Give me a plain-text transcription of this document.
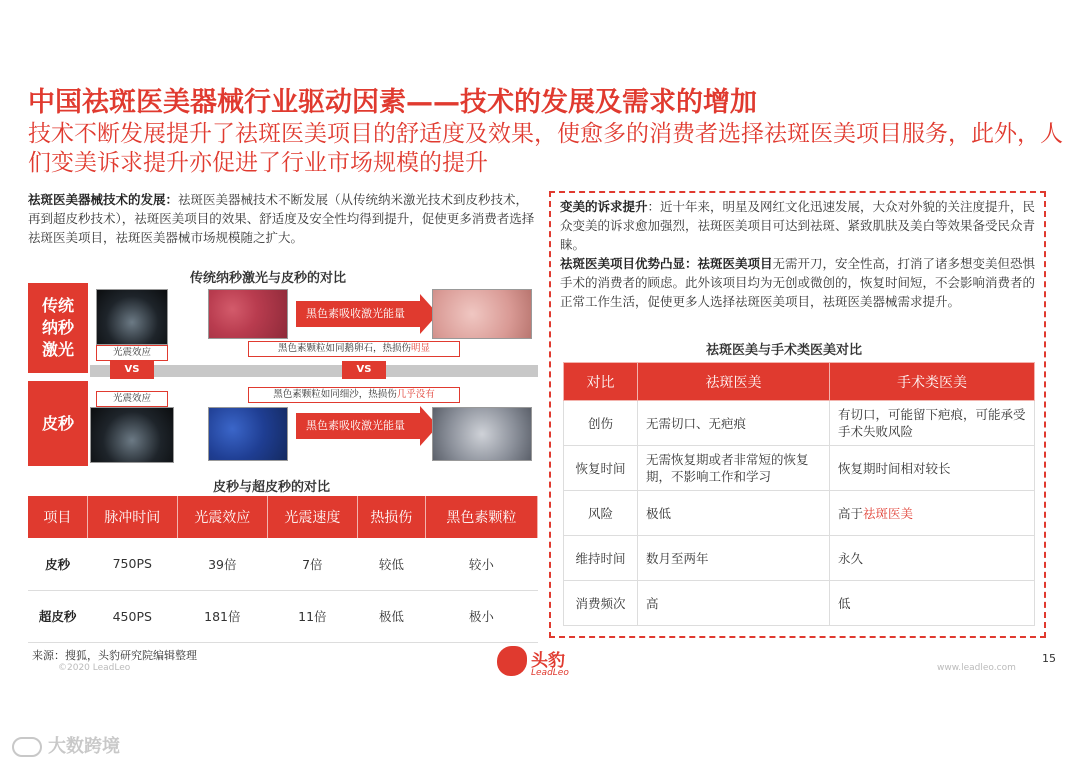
中国祛斑医美器械行业驱动因素——技术的发展及需求的增加
技术不断发展提升了祛斑医美项目的舒适度及效果，使愈多的消费者选择祛斑医美项目服务，此外，人们变美诉求提升亦促进了行业市场规模的提升
祛斑医美器械技术的发展：祛斑医美器械技术不断发展（从传统纳米激光技术到皮秒技术，再到超皮秒技术），祛斑医美项目的效果、舒适度及安全性均得到提升，促使更多消费者选择祛斑医美项目，祛斑医美器械市场规模随之扩大。
传统纳秒激光与皮秒的对比
传统
纳秒
激光
皮秒
光震效应
黑色素吸收激光能量
黑色素颗粒如同鹅卵石，热损伤明显
VS	VS
光震效应	黑色素颗粒如同细沙，热损伤几乎没有
黑色素吸收激光能量
皮秒与超皮秒的对比
项目	脉冲时间	光震效应	光震速度	热损伤	黑色素颗粒
皮秒	750PS	39倍	7倍	较低	较小
超皮秒	450PS	181倍	11倍	极低	极小

变美的诉求提升：近十年来，明星及网红文化迅速发展，大众对外貌的关注度提升，民众变美的诉求愈加强烈，祛斑医美项目可达到祛斑、紧致肌肤及美白等效果备受民众青睐。

祛斑医美项目优势凸显：祛斑医美项目无需开刀，安全性高，打消了诸多想变美但恐惧手术的消费者的顾虑。此外该项目均为无创或微创的，恢复时间短，不会影响消费者的正常工作生活，促使更多人选择祛斑医美项目，祛斑医美器械需求提升。

祛斑医美与手术类医美对比
对比	祛斑医美	手术类医美
创伤	无需切口、无疤痕	有切口，可能留下疤痕，可能承受手术失败风险
恢复时间	无需恢复期或者非常短的恢复期，不影响工作和学习	恢复期时间相对较长
风险	极低	高于祛斑医美
维持时间	数月至两年	永久
消费频次	高	低
来源：搜狐，头豹研究院编辑整理
©2020 LeadLeo	头豹
LeadLeo	www.leadleo.com
15
大数跨境
